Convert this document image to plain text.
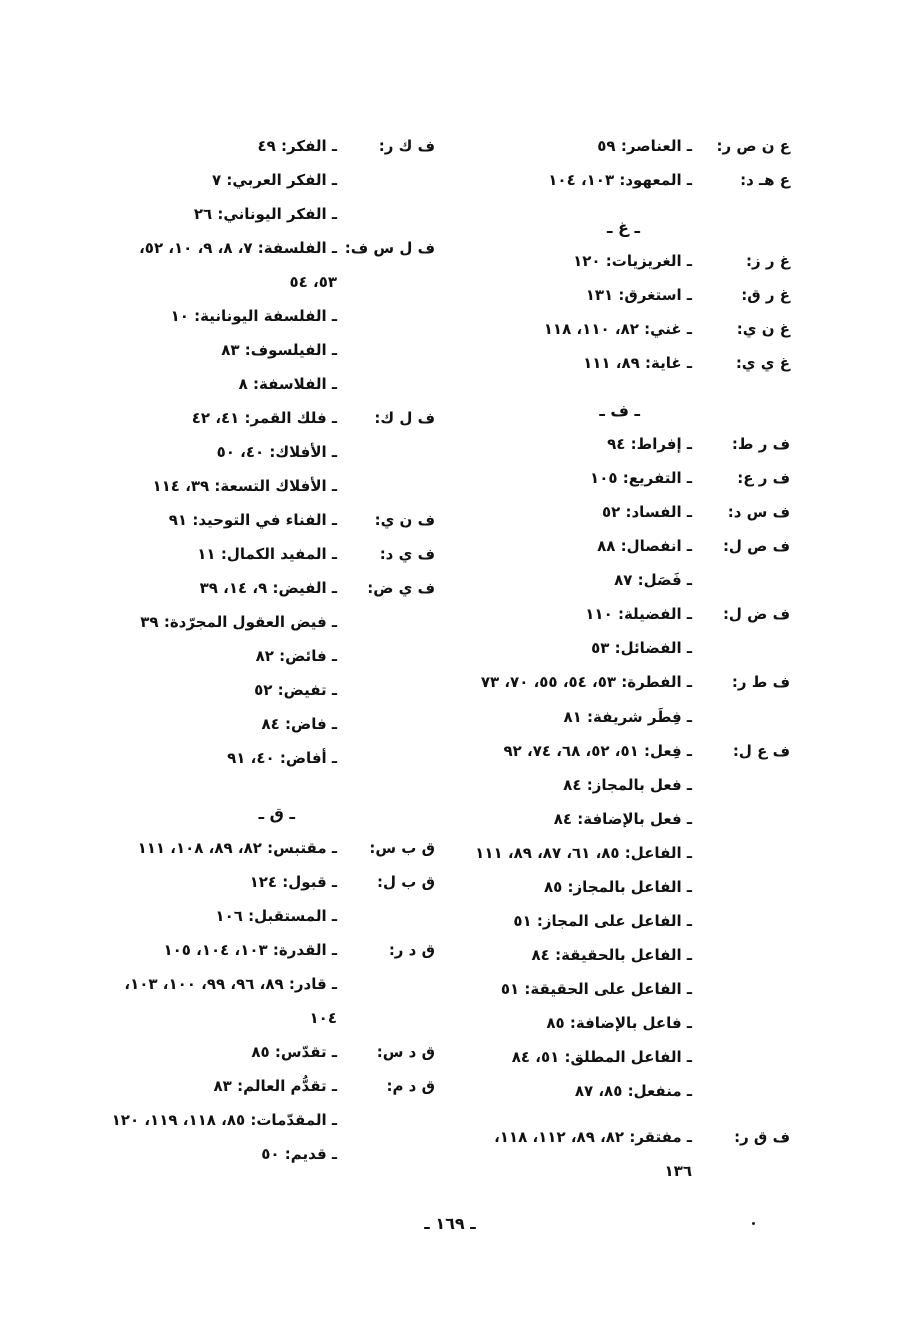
ع ن ص ر:
ـ العناصر: ٥٩
ع هـ د:
ـ المعهود: ١٠٣، ١٠٤
ـ غ ـ
غ ر ز:
ـ الغريزيات: ١٢٠
غ ر ق:
ـ استغرق: ١٣١
غ ن ي:
ـ غني: ٨٢، ١١٠، ١١٨
غ ي ي:
ـ غاية: ٨٩، ١١١
ـ ف ـ
ف ر ط:
ـ إفراط: ٩٤
ف ر ع:
ـ التفريع: ١٠٥
ف س د:
ـ الفساد: ٥٢
ف ص ل:
ـ انفصال: ٨٨
ـ فَصَل: ٨٧
ف ض ل:
ـ الفضيلة: ١١٠
ـ الفضائل: ٥٣
ف ط ر:
ـ الفطرة: ٥٣، ٥٤، ٥٥، ٧٠، ٧٣
ـ فِطَر شريفة: ٨١
ف ع ل:
ـ فِعل: ٥١، ٥٢، ٦٨، ٧٤، ٩٢
ـ فعل بالمجاز: ٨٤
ـ فعل بالإضافة: ٨٤
ـ الفاعل: ٨٥، ٦١، ٨٧، ٨٩، ١١١
ـ الفاعل بالمجاز: ٨٥
ـ الفاعل على المجاز: ٥١
ـ الفاعل بالحقيقة: ٨٤
ـ الفاعل على الحقيقة: ٥١
ـ فاعل بالإضافة: ٨٥
ـ الفاعل المطلق: ٥١، ٨٤
ـ منفعل: ٨٥، ٨٧
ف ق ر:
ـ مفتقر: ٨٢، ٨٩، ١١٢، ١١٨،
١٣٦
ف ك ر:
ـ الفكر: ٤٩
ـ الفكر العربي: ٧
ـ الفكر اليوناني: ٢٦
ف ل س ف:
ـ الفلسفة: ٧، ٨، ٩، ١٠، ٥٢،
٥٣، ٥٤
ـ الفلسفة اليونانية: ١٠
ـ الفيلسوف: ٨٣
ـ الفلاسفة: ٨
ف ل ك:
ـ فلك القمر: ٤١، ٤٢
ـ الأفلاك: ٤٠، ٥٠
ـ الأفلاك التسعة: ٣٩، ١١٤
ف ن ي:
ـ الفناء في التوحيد: ٩١
ف ي د:
ـ المفيد الكمال: ١١
ف ي ض:
ـ الفيض: ٩، ١٤، ٣٩
ـ فيض العقول المجرّدة: ٣٩
ـ فائض: ٨٢
ـ تفيض: ٥٢
ـ فاض: ٨٤
ـ أفاض: ٤٠، ٩١
ـ ق ـ
ق ب س:
ـ مقتبس: ٨٢، ٨٩، ١٠٨، ١١١
ق ب ل:
ـ قبول: ١٢٤
ـ المستقبل: ١٠٦
ق د ر:
ـ القدرة: ١٠٣، ١٠٤، ١٠٥
ـ قادر: ٨٩، ٩٦، ٩٩، ١٠٠، ١٠٣،
١٠٤
ق د س:
ـ تقدّس: ٨٥
ق د م:
ـ تقدُّم العالم: ٨٣
ـ المقدّمات: ٨٥، ١١٨، ١١٩، ١٢٠
ـ قديم: ٥٠
ـ ١٦٩ ـ
